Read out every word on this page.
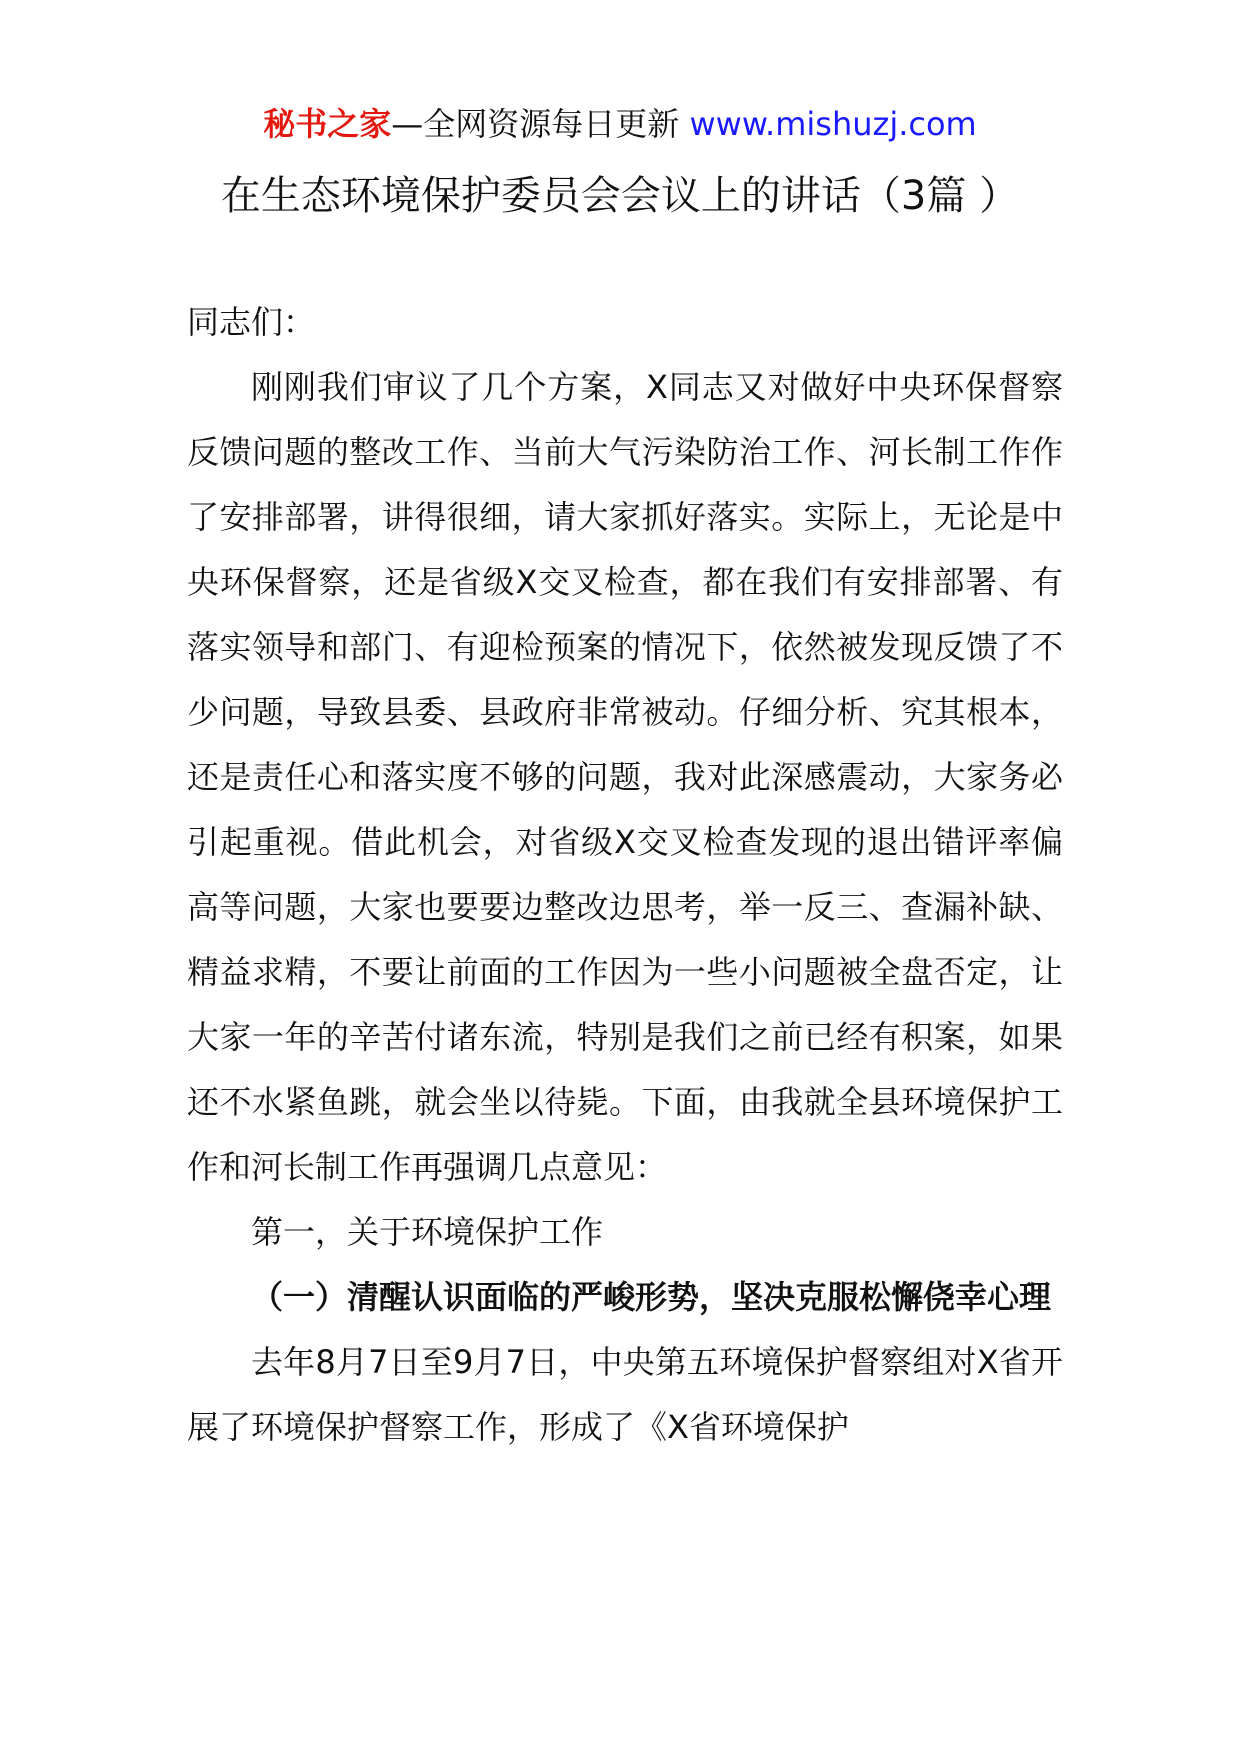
秘书之家—全网资源每日更新 www.mishuzj.com
在生态环境保护委员会会议上的讲话（3篇 ）

同志们：

刚刚我们审议了几个方案，X同志又对做好中央环保督察反馈问题的整改工作、当前大气污染防治工作、河长制工作作了安排部署，讲得很细，请大家抓好落实。实际上，无论是中央环保督察，还是省级X交叉检查，都在我们有安排部署、有落实领导和部门、有迎检预案的情况下，依然被发现反馈了不少问题，导致县委、县政府非常被动。仔细分析、究其根本，还是责任心和落实度不够的问题，我对此深感震动，大家务必引起重视。借此机会，对省级X交叉检查发现的退出错评率偏高等问题，大家也要要边整改边思考，举一反三、查漏补缺、精益求精，不要让前面的工作因为一些小问题被全盘否定，让大家一年的辛苦付诸东流，特别是我们之前已经有积案，如果还不水紧鱼跳，就会坐以待毙。下面，由我就全县环境保护工作和河长制工作再强调几点意见：

第一，关于环境保护工作

（一）清醒认识面临的严峻形势，坚决克服松懈侥幸心理

去年8月7日至9月7日，中央第五环境保护督察组对X省开展了环境保护督察工作，形成了《X省环境保护
